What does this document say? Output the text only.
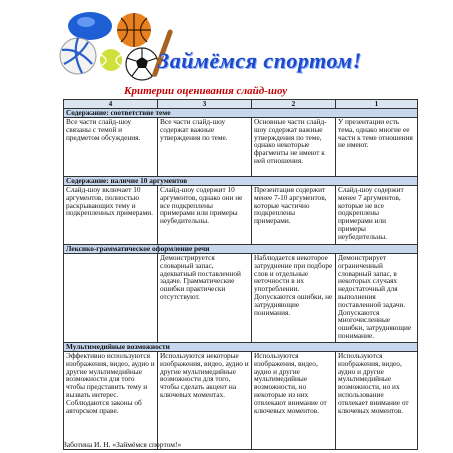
Займёмся спортом!
Критерии оценивания слайд-шоу
4	3	2	1
Содержание: соответствие теме			
Все части слайд-шоу связаны с темой и предметом обсуждения.	Все части слайд-шоу содержат важные утверждения по теме.	Основные части слайд-шоу содержат важные утверждения по теме, однако некоторые фрагменты не имеют к ней отношения.	У презентации есть тема, однако многие ее части к теме отношения не имеют.
Содержание: наличие 10 аргументов			
Слайд-шоу включает 10 аргументов, полностью раскрывающих тему и подкрепленных примерами.	Слайд-шоу содержит 10 аргументов, однако они не все подкреплены примерами или примеры неубедительны.	Презентация содержит менее 7-10 аргументов, которые частично подкреплены примерами.	Слайд-шоу содержит менее 7 аргументов, которые не все подкреплены примерами или примеры неубедительны.
Лексико-грамматическое оформление речи			
	Демонстрируется словарный запас, адекватный поставленной задаче. Грамматические ошибки практически отсутствуют.	Наблюдается некоторое затруднение при подборе слов и отдельные неточности в их употреблении. Допускаются ошибки, не затрудняющие понимания.	Демонстрирует ограниченный словарный запас, в некоторых случаях недостаточный для выполнения поставленной задачи. Допускаются многочисленные ошибки, затрудняющие понимание.
Мультимедийные возможности			
Эффективно используются изображения, видео, аудио и другие мультимедийные возможности для того чтобы представить тему и вызвать интерес. Соблюдаются законы об авторском праве.	Используются некоторые изображения, видео, аудио и другие мультимедийные возможности для того, чтобы сделать акцент на ключевых моментах.	Используются изображения, видео, аудио и другие мультимедийные возможности, но некоторые из них отвлекают внимание от ключевых моментов.	Используются изображения, видео, аудио и другие мультимедийные возможности, но их использование отвлекает внимание от ключевых моментов.
Заботина И. Н. «Займёмся спортом!»
